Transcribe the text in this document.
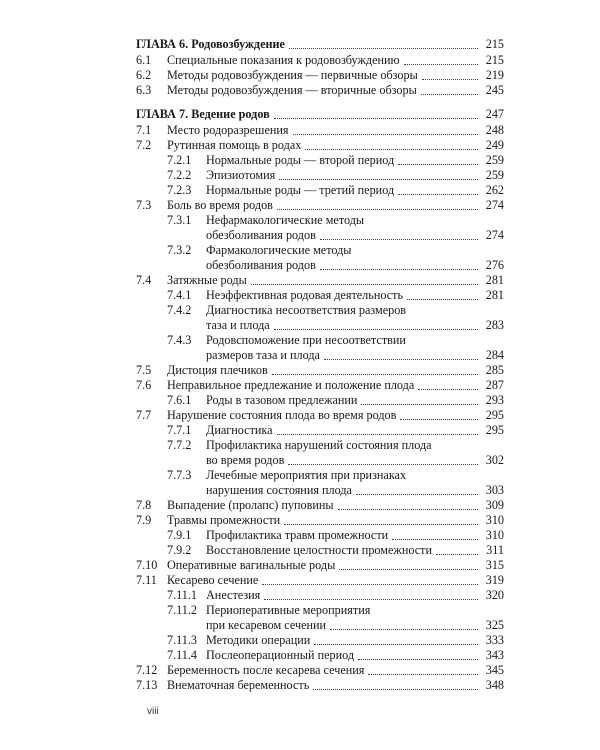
ГЛАВА 6. Родовозбуждение	215
6.1 Специальные показания к родовозбуждению	215
6.2 Методы родовозбуждения — первичные обзоры	219
6.3 Методы родовозбуждения — вторичные обзоры	245
ГЛАВА 7. Ведение родов	247
7.1 Место родоразрешения	248
7.2 Рутинная помощь в родах	249
7.2.1 Нормальные роды — второй период	259
7.2.2 Эпизиотомия	259
7.2.3 Нормальные роды — третий период	262
7.3 Боль во время родов	274
7.3.1 Нефармакологические методы
обезболивания родов	274
7.3.2 Фармакологические методы
обезболивания родов	276
7.4 Затяжные роды	281
7.4.1 Неэффективная родовая деятельность	281
7.4.2 Диагностика несоответствия размеров
таза и плода	283
7.4.3 Родовспоможение при несоответствии
размеров таза и плода	284
7.5 Дистоция плечиков	285
7.6 Неправильное предлежание и положение плода	287
7.6.1 Роды в тазовом предлежании	293
7.7 Нарушение состояния плода во время родов	295
7.7.1 Диагностика	295
7.7.2 Профилактика нарушений состояния плода
во время родов	302
7.7.3 Лечебные мероприятия при признаках
нарушения состояния плода	303
7.8 Выпадение (пролапс) пуповины	309
7.9 Травмы промежности	310
7.9.1 Профилактика травм промежности	310
7.9.2 Восстановление целостности промежности	311
7.10 Оперативные вагинальные роды	315
7.11 Кесарево сечение	319
7.11.1 Анестезия	320
7.11.2 Периоперативные мероприятия
при кесаревом сечении	325
7.11.3 Методики операции	333
7.11.4 Послеоперационный период	343
7.12 Беременность после кесарева сечения	345
7.13 Внематочная беременность	348
viii
